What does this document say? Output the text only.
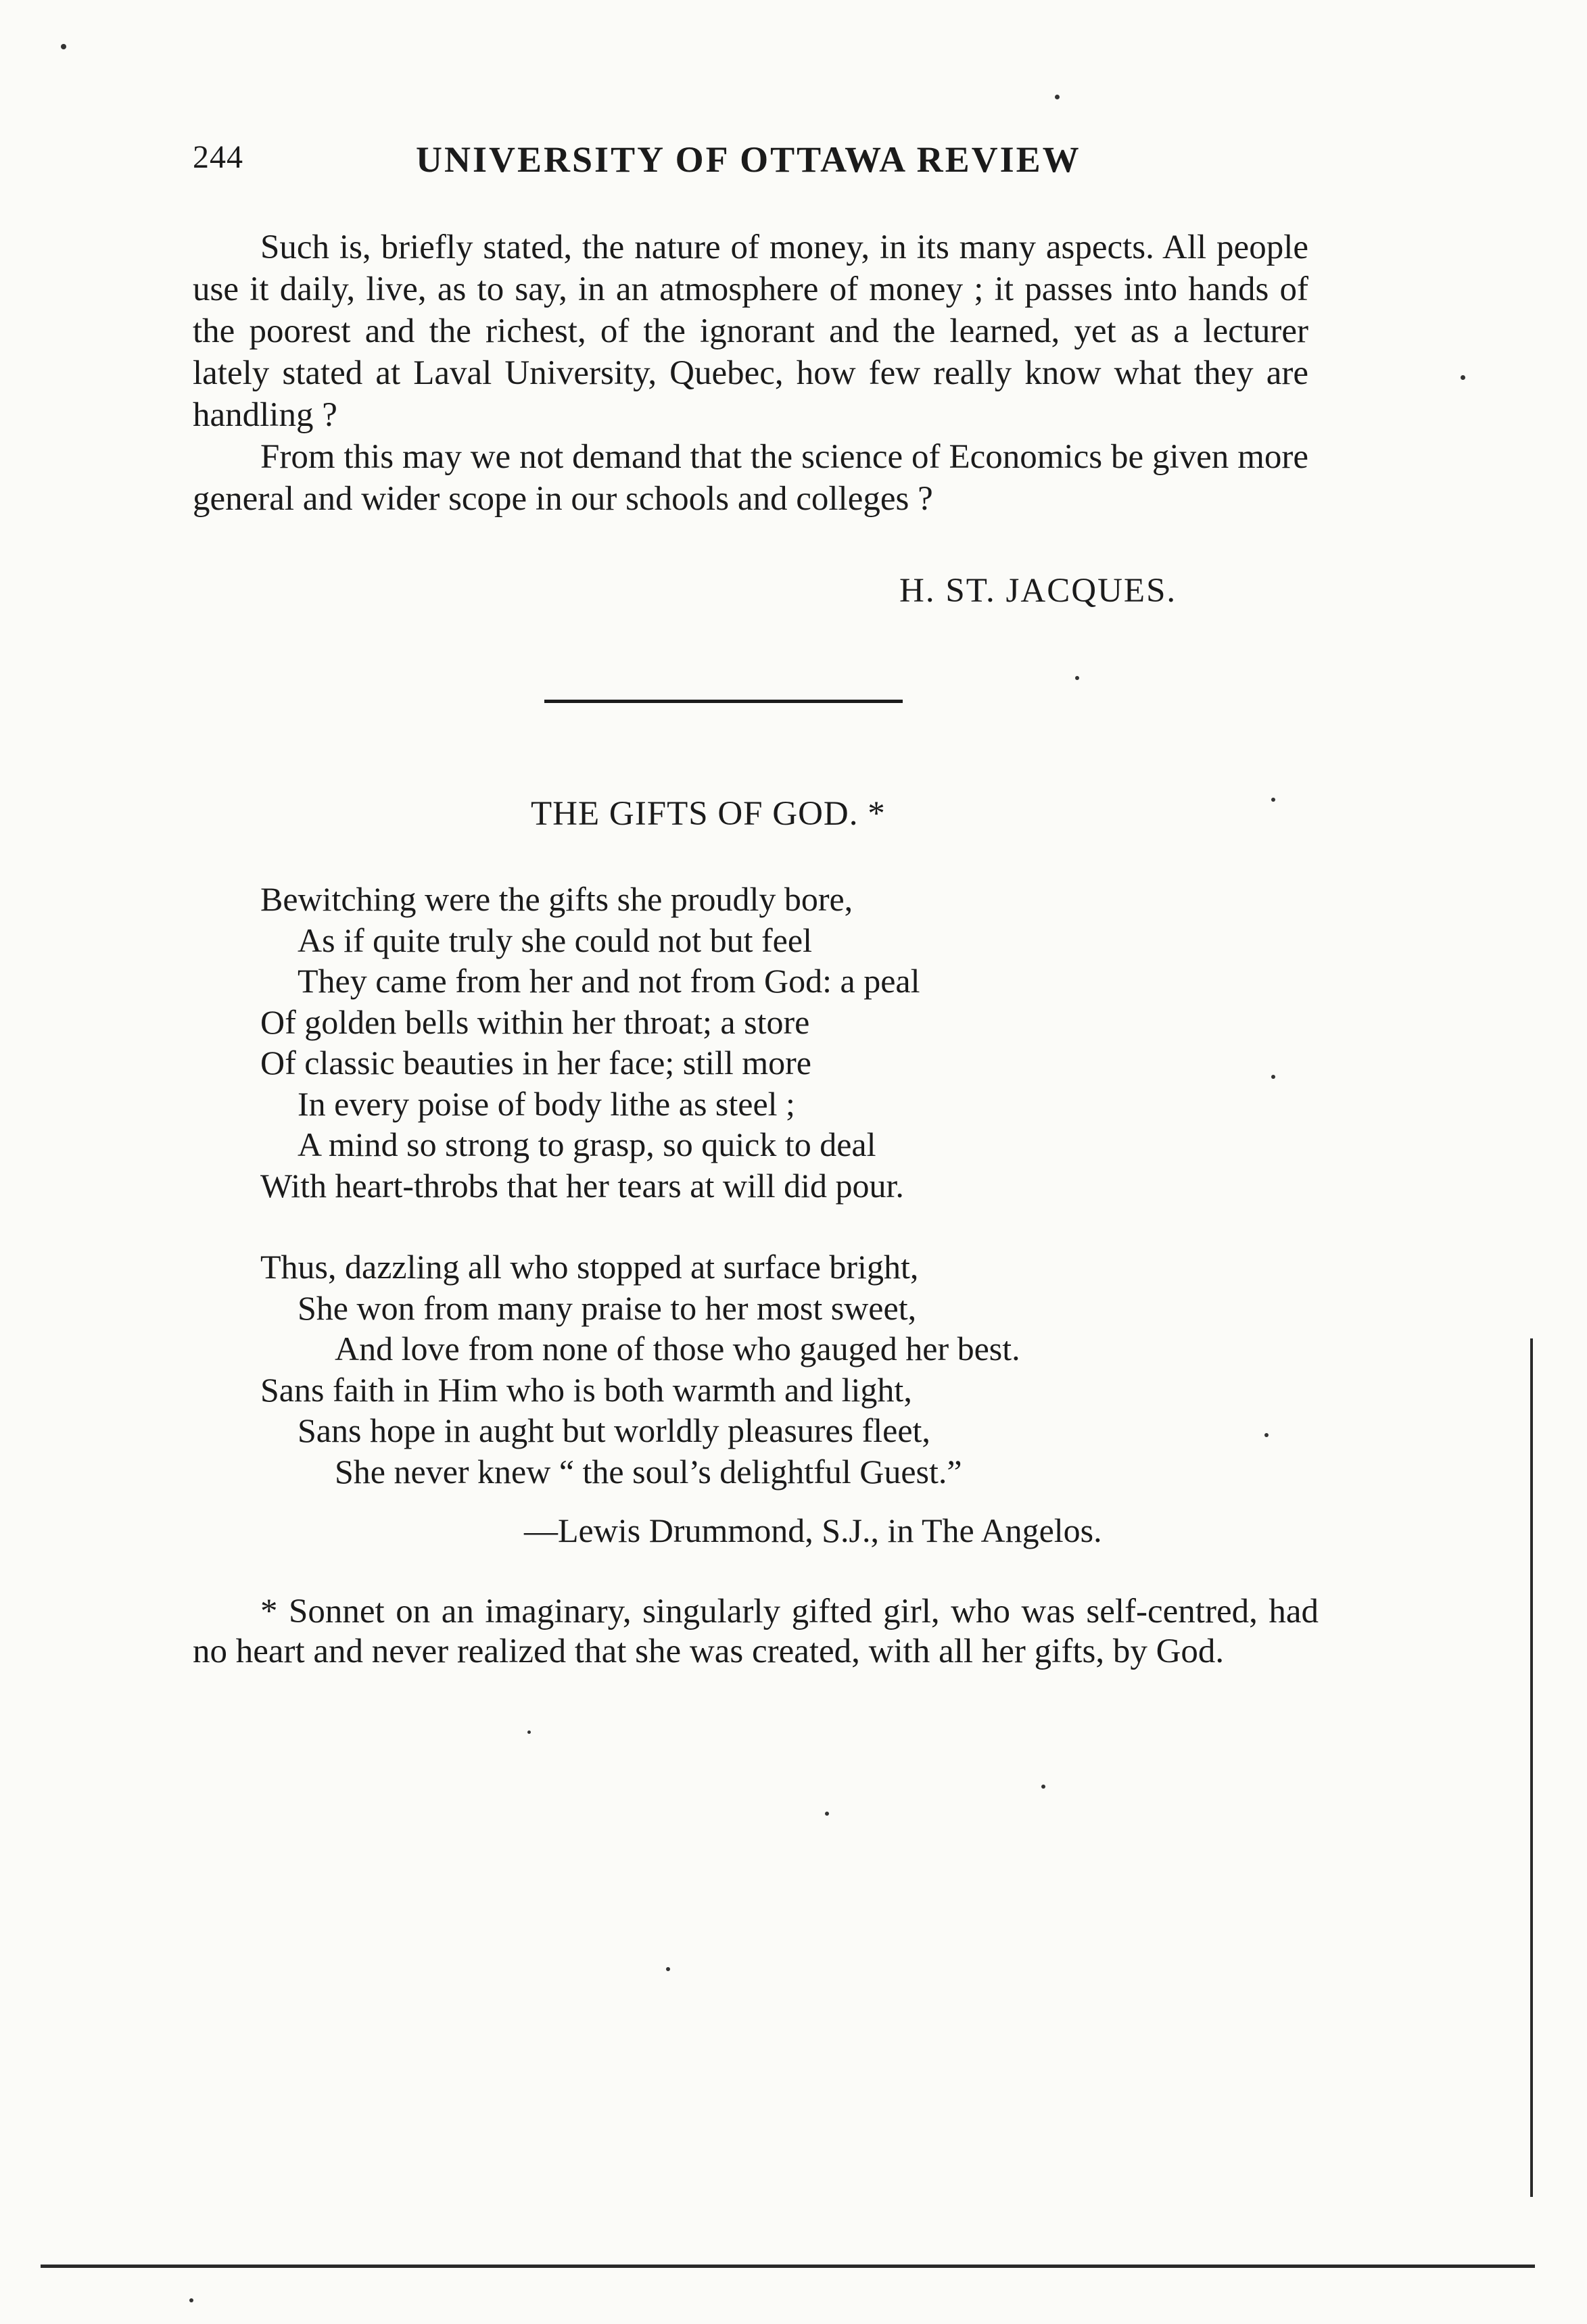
244	UNIVERSITY OF OTTAWA REVIEW

Such is, briefly stated, the nature of money, in its many aspects. All people use it daily, live, as to say, in an atmosphere of money ; it passes into hands of the poorest and the richest, of the ignorant and the learned, yet as a lecturer lately stated at Laval University, Quebec, how few really know what they are handling ?

From this may we not demand that the science of Economics be given more general and wider scope in our schools and colleges ?

H. ST. JACQUES.
THE GIFTS OF GOD. *
Bewitching were the gifts she proudly bore,
As if quite truly she could not but feel
They came from her and not from God: a peal
Of golden bells within her throat; a store
Of classic beauties in her face; still more
In every poise of body lithe as steel ;
A mind so strong to grasp, so quick to deal
With heart-throbs that her tears at will did pour.
Thus, dazzling all who stopped at surface bright,
She won from many praise to her most sweet,
And love from none of those who gauged her best.
Sans faith in Him who is both warmth and light,
Sans hope in aught but worldly pleasures fleet,
She never knew “ the soul’s delightful Guest.”
—Lewis Drummond, S.J., in The Angelos.

* Sonnet on an imaginary, singularly gifted girl, who was self-centred, had no heart and never realized that she was created, with all her gifts, by God.
